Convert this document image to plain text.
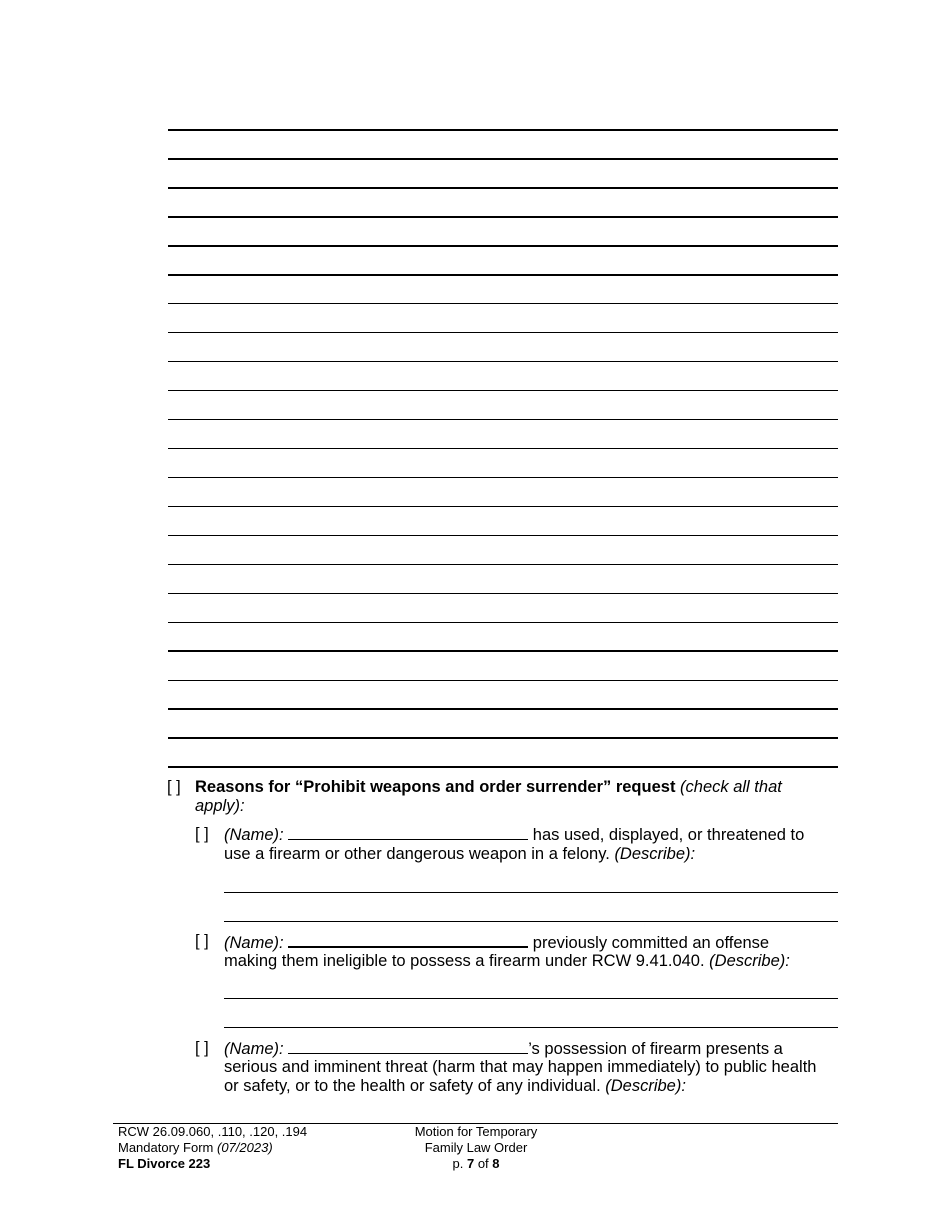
[ ] Reasons for “Prohibit weapons and order surrender” request (check all that
apply):
[ ] (Name):	has used, displayed, or threatened to
use a firearm or other dangerous weapon in a felony. (Describe):
[ ] (Name):	previously committed an offense
making them ineligible to possess a firearm under RCW 9.41.040. (Describe):
[ ] (Name):	’s possession of firearm presents a
serious and imminent threat (harm that may happen immediately) to public health
or safety, or to the health or safety of any individual. (Describe):
RCW 26.09.060, .110, .120, .194
Mandatory Form (07/2023)
FL Divorce 223
Motion for Temporary
Family Law Order
p. 7 of 8
